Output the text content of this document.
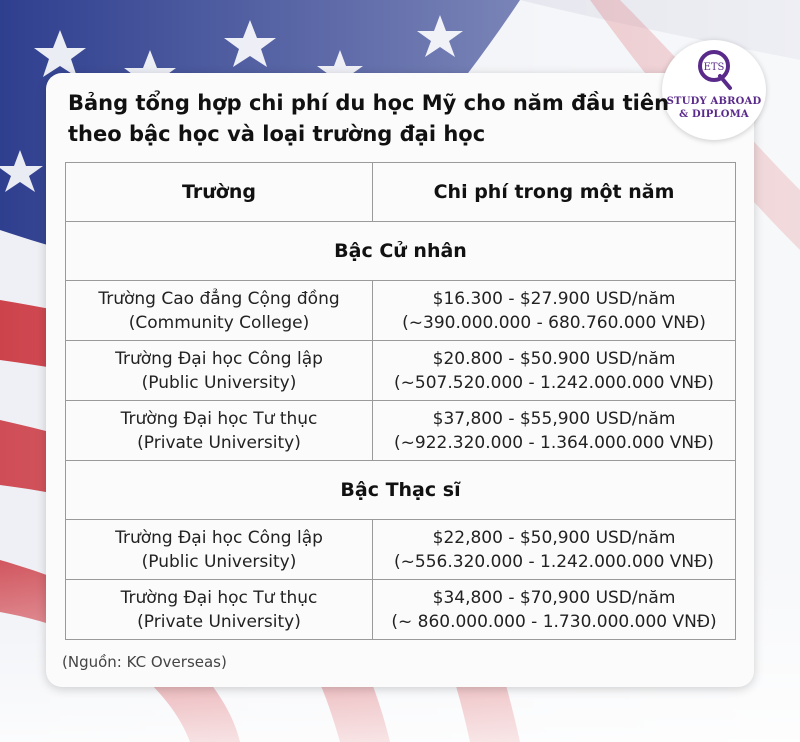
ETS
STUDY ABROAD
& DIPLOMA
Bảng tổng hợp chi phí du học Mỹ cho năm đầu tiên
theo bậc học và loại trường đại học
Trường	Chi phí trong một năm
Bậc Cử nhân	

Trường Cao đẳng Cộng đồng
(Community College)	$16.300 - $27.900 USD/năm
(~390.000.000 - 680.760.000 VNĐ)

Trường Đại học Công lập
(Public University)	$20.800 - $50.900 USD/năm
(~507.520.000 - 1.242.000.000 VNĐ)

Trường Đại học Tư thục
(Private University)	$37,800 - $55,900 USD/năm
(~922.320.000 - 1.364.000.000 VNĐ)

Bậc Thạc sĩ	

Trường Đại học Công lập
(Public University)	$22,800 - $50,900 USD/năm
(~556.320.000 - 1.242.000.000 VNĐ)

Trường Đại học Tư thục
(Private University)	$34,800 - $70,900 USD/năm
(~ 860.000.000 - 1.730.000.000 VNĐ)
(Nguồn: KC Overseas)
